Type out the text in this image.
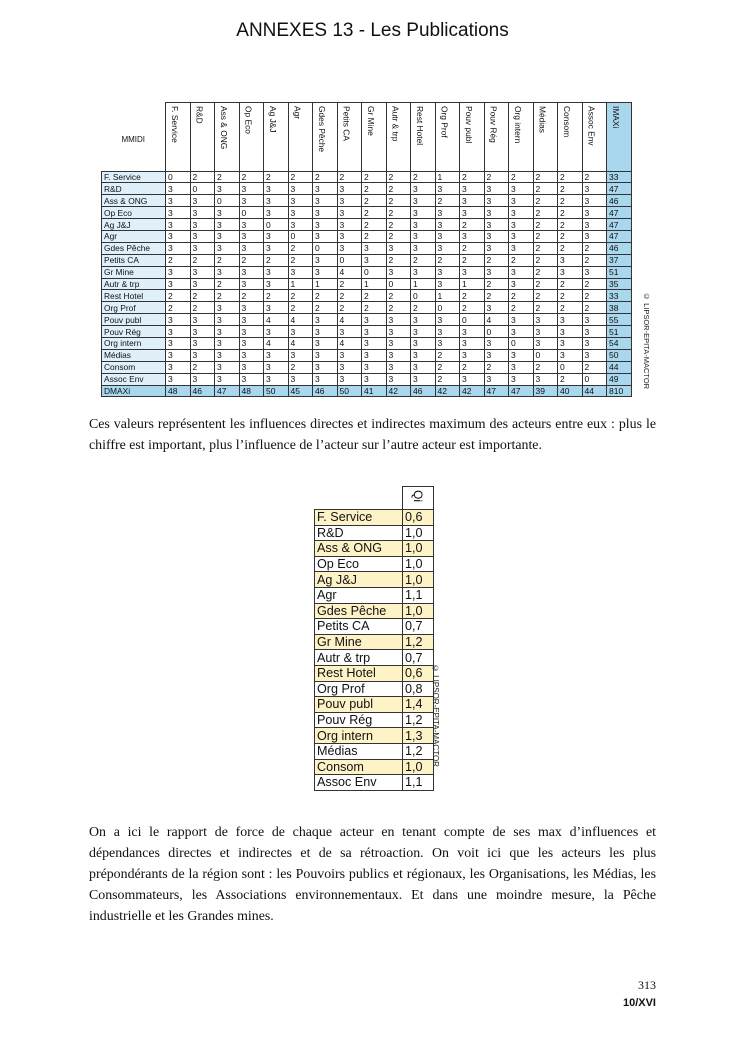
ANNEXES 13 - Les Publications
MMIDI	F. Service	R&D	Ass & ONG	Op Eco	Ag J&J	Agr	Gdes Pêche	Petits CA	Gr Mine	Autr & trp	Rest Hotel	Org Prof	Pouv publ	Pouv Rég	Org intern	Médias	Consom	Assoc Env	IMAXi

F. Service	0	2	2	2	2	2	2	2	2	2	2	1	2	2	2	2	2	2	33
R&D	3	0	3	3	3	3	3	3	2	2	3	3	3	3	3	2	2	3	47
Ass & ONG	3	3	0	3	3	3	3	3	2	2	3	2	3	3	3	2	2	3	46
Op Eco	3	3	3	0	3	3	3	3	2	2	3	3	3	3	3	2	2	3	47
Ag J&J	3	3	3	3	0	3	3	3	2	2	3	3	2	3	3	2	2	3	47
Agr	3	3	3	3	3	0	3	3	2	2	3	3	3	3	3	2	2	3	47
Gdes Pêche	3	3	3	3	3	2	0	3	3	3	3	3	2	3	3	2	2	2	46
Petits CA	2	2	2	2	2	2	3	0	3	2	2	2	2	2	2	2	3	2	37
Gr Mine	3	3	3	3	3	3	3	4	0	3	3	3	3	3	3	2	3	3	51
Autr & trp	3	3	2	3	3	1	1	2	1	0	1	3	1	2	3	2	2	2	35
Rest Hotel	2	2	2	2	2	2	2	2	2	2	0	1	2	2	2	2	2	2	33
Org Prof	2	2	3	3	3	2	2	2	2	2	2	0	2	3	2	2	2	2	38
Pouv publ	3	3	3	3	4	4	3	4	3	3	3	3	0	4	3	3	3	3	55
Pouv Rég	3	3	3	3	3	3	3	3	3	3	3	3	3	0	3	3	3	3	51
Org intern	3	3	3	3	4	4	3	4	3	3	3	3	3	3	0	3	3	3	54
Médias	3	3	3	3	3	3	3	3	3	3	3	2	3	3	3	0	3	3	50
Consom	3	2	3	3	3	2	3	3	3	3	3	2	2	2	3	2	0	2	44
Assoc Env	3	3	3	3	3	3	3	3	3	3	3	2	3	3	3	3	2	0	49
DMAXi	48	46	47	48	50	45	46	50	41	42	46	42	42	47	47	39	40	44	810
© LIPSOR-EPITA-MACTOR
Ces valeurs représentent les influences directes et indirectes maximum des acteurs entre eux : plus le chiffre est important, plus l’influence de l’acteur sur l’autre acteur est importante.

	Qi

F. Service	0,6
R&D	1,0
Ass & ONG	1,0
Op Eco	1,0
Ag J&J	1,0
Agr	1,1
Gdes Pêche	1,0
Petits CA	0,7
Gr Mine	1,2
Autr & trp	0,7
Rest Hotel	0,6
Org Prof	0,8
Pouv publ	1,4
Pouv Rég	1,2
Org intern	1,3
Médias	1,2
Consom	1,0
Assoc Env	1,1
© LIPSOR-EPITA-MACTOR
On a ici le rapport de force de chaque acteur en tenant compte de ses max d’influences et dépendances directes et indirectes et de sa rétroaction. On voit ici que les acteurs les plus prépondérants de la région sont : les Pouvoirs publics et régionaux, les Organisations, les Médias, les Consommateurs, les Associations environnementaux. Et dans une moindre mesure, la Pêche industrielle et les Grandes mines.
313
10/XVI
